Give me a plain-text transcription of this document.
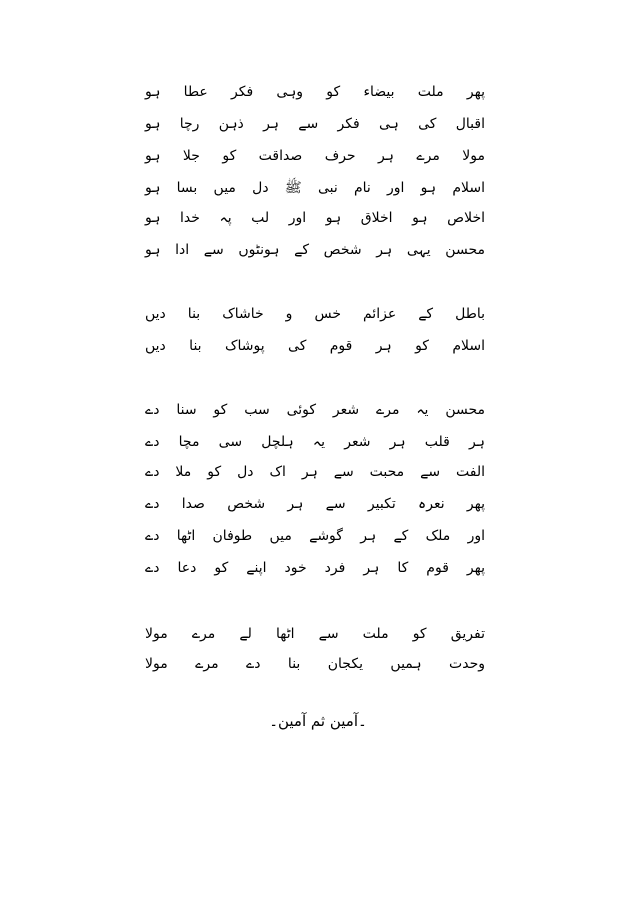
پھر ملت بیضاء کو وہی فکر عطا ہو
اقبال کی ہی فکر سے ہر ذہن رچا ہو
مولا مرے ہر حرف صداقت کو جلا ہو
اسلام ہو اور نام نبی ﷺ دل میں بسا ہو
اخلاص ہو اخلاق ہو اور لب پہ خدا ہو
محسن یہی ہر شخص کے ہونٹوں سے ادا ہو
باطل کے عزائم خس و خاشاک بنا دیں
اسلام کو ہر قوم کی پوشاک بنا دیں
محسن یہ مرے شعر کوئی سب کو سنا دے
ہر قلب ہر شعر یہ ہلچل سی مچا دے
الفت سے محبت سے ہر اک دل کو ملا دے
پھر نعرہ تکبیر سے ہر شخص صدا دے
اور ملک کے ہر گوشے میں طوفان اٹھا دے
پھر قوم کا ہر فرد خود اپنے کو دعا دے
تفریق کو ملت سے اٹھا لے مرے مولا
وحدت ہمیں یکجان بنا دے مرے مولا
۔آمین ثم آمین۔
